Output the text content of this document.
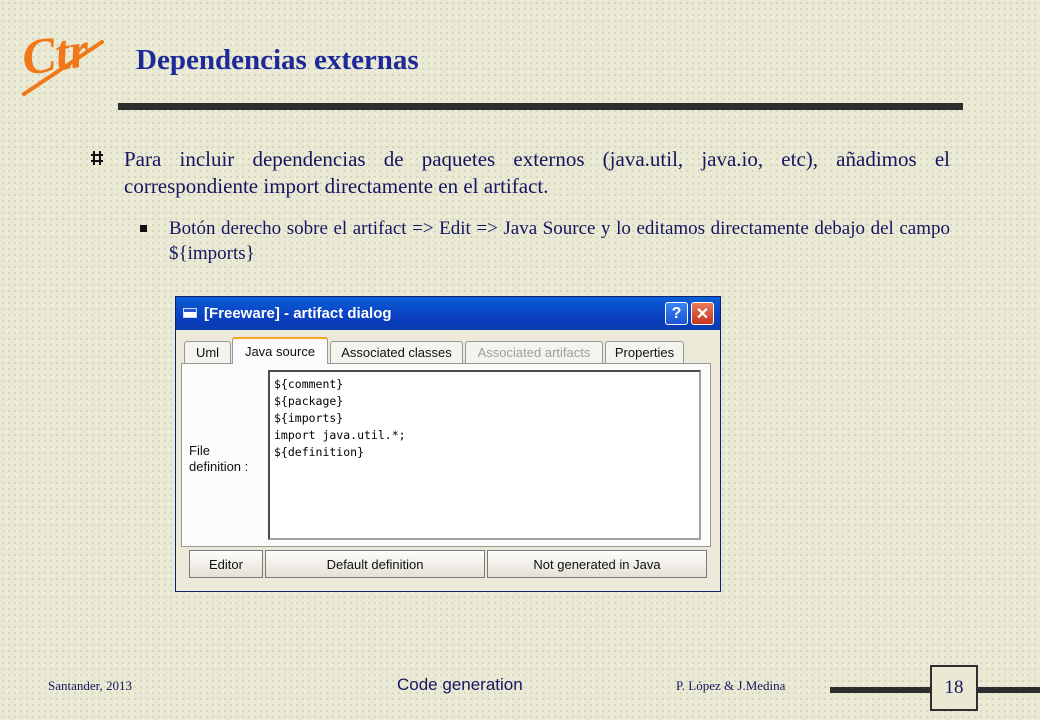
Ctr Dependencias externas
Para incluir dependencias de paquetes externos (java.util, java.io, etc), añadimos el correspondiente import directamente en el artifact.
Botón derecho sobre el artifact => Edit => Java Source y lo editamos directamente debajo del campo ${imports}
[Freeware] - artifact dialog	? ✕
Uml	Java source	Associated classes	Associated artifacts	Properties
File definition :
${comment}
${package}
${imports}
import java.util.*;
${definition}
Editor	Default definition	Not generated in Java
Santander, 2013	Code generation	P. López & J.Medina	18
